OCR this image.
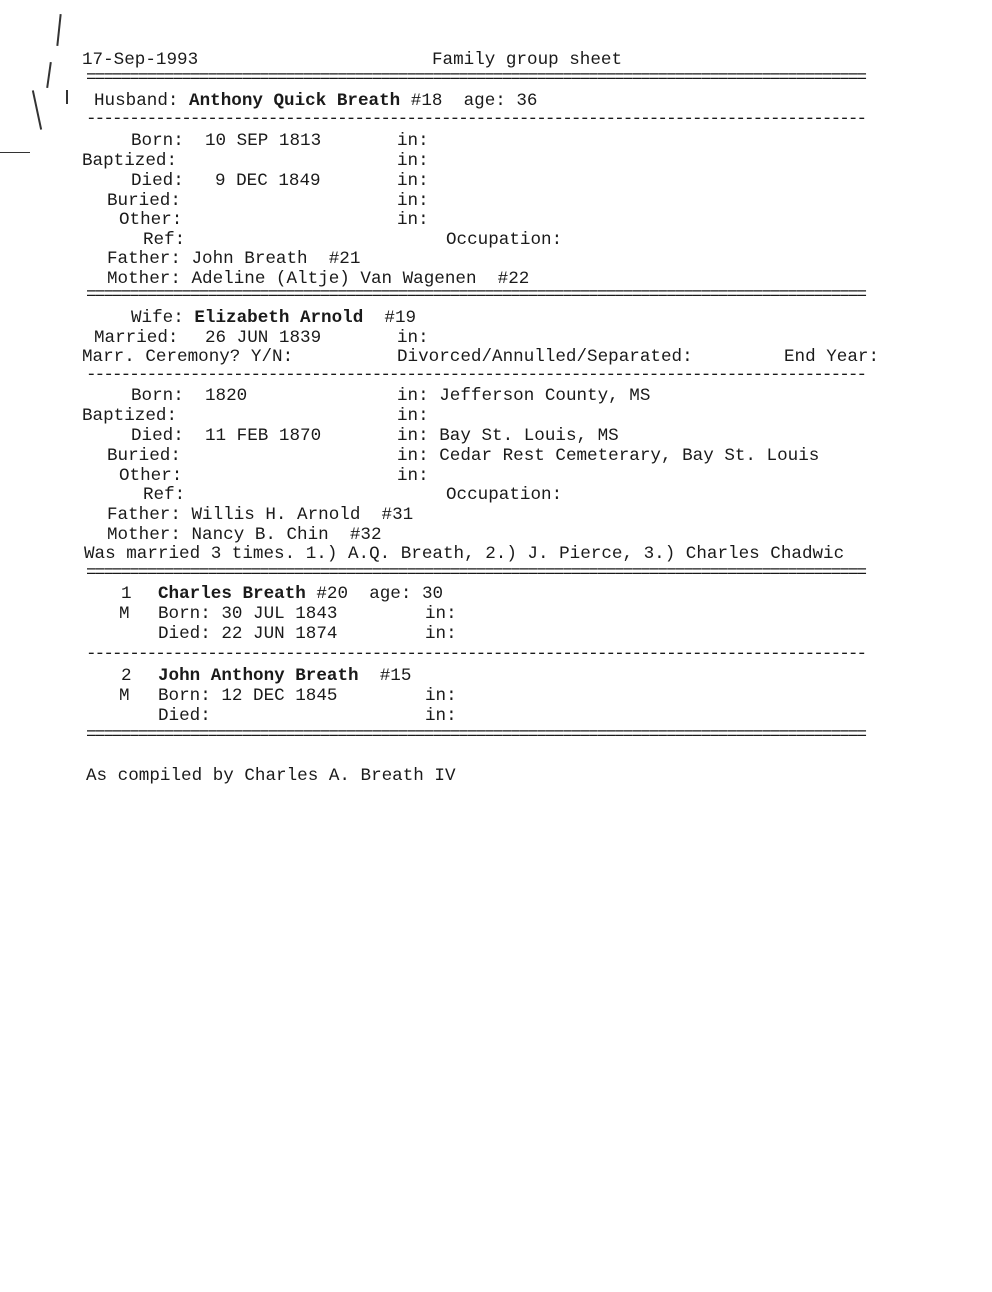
17-Sep-1993	Family group sheet
==========================================================================================
Husband: Anthony Quick Breath #18 age: 36
------------------------------------------------------------------------------------------
Born: 10 SEP 1813	in:
Baptized:	in:
Died: 9 DEC 1849	in:
Buried:	in:
Other:	in:
Ref:	Occupation:
Father: John Breath #21
Mother: Adeline (Altje) Van Wagenen #22
==========================================================================================
Wife: Elizabeth Arnold #19
Married: 26 JUN 1839	in:
Marr. Ceremony? Y/N:	Divorced/Annulled/Separated:	End Year:
------------------------------------------------------------------------------------------
Born: 1820	in: Jefferson County, MS
Baptized:	in:
Died: 11 FEB 1870	in: Bay St. Louis, MS
Buried:	in: Cedar Rest Cemeterary, Bay St. Louis
Other:	in:
Ref:	Occupation:
Father: Willis H. Arnold #31
Mother: Nancy B. Chin #32
Was married 3 times. 1.) A.Q. Breath, 2.) J. Pierce, 3.) Charles Chadwic
==========================================================================================
1 Charles Breath #20 age: 30
M Born: 30 JUL 1843	in:
Died: 22 JUN 1874	in:
------------------------------------------------------------------------------------------
2 John Anthony Breath #15
M Born: 12 DEC 1845	in:
Died:	in:
==========================================================================================
As compiled by Charles A. Breath IV
